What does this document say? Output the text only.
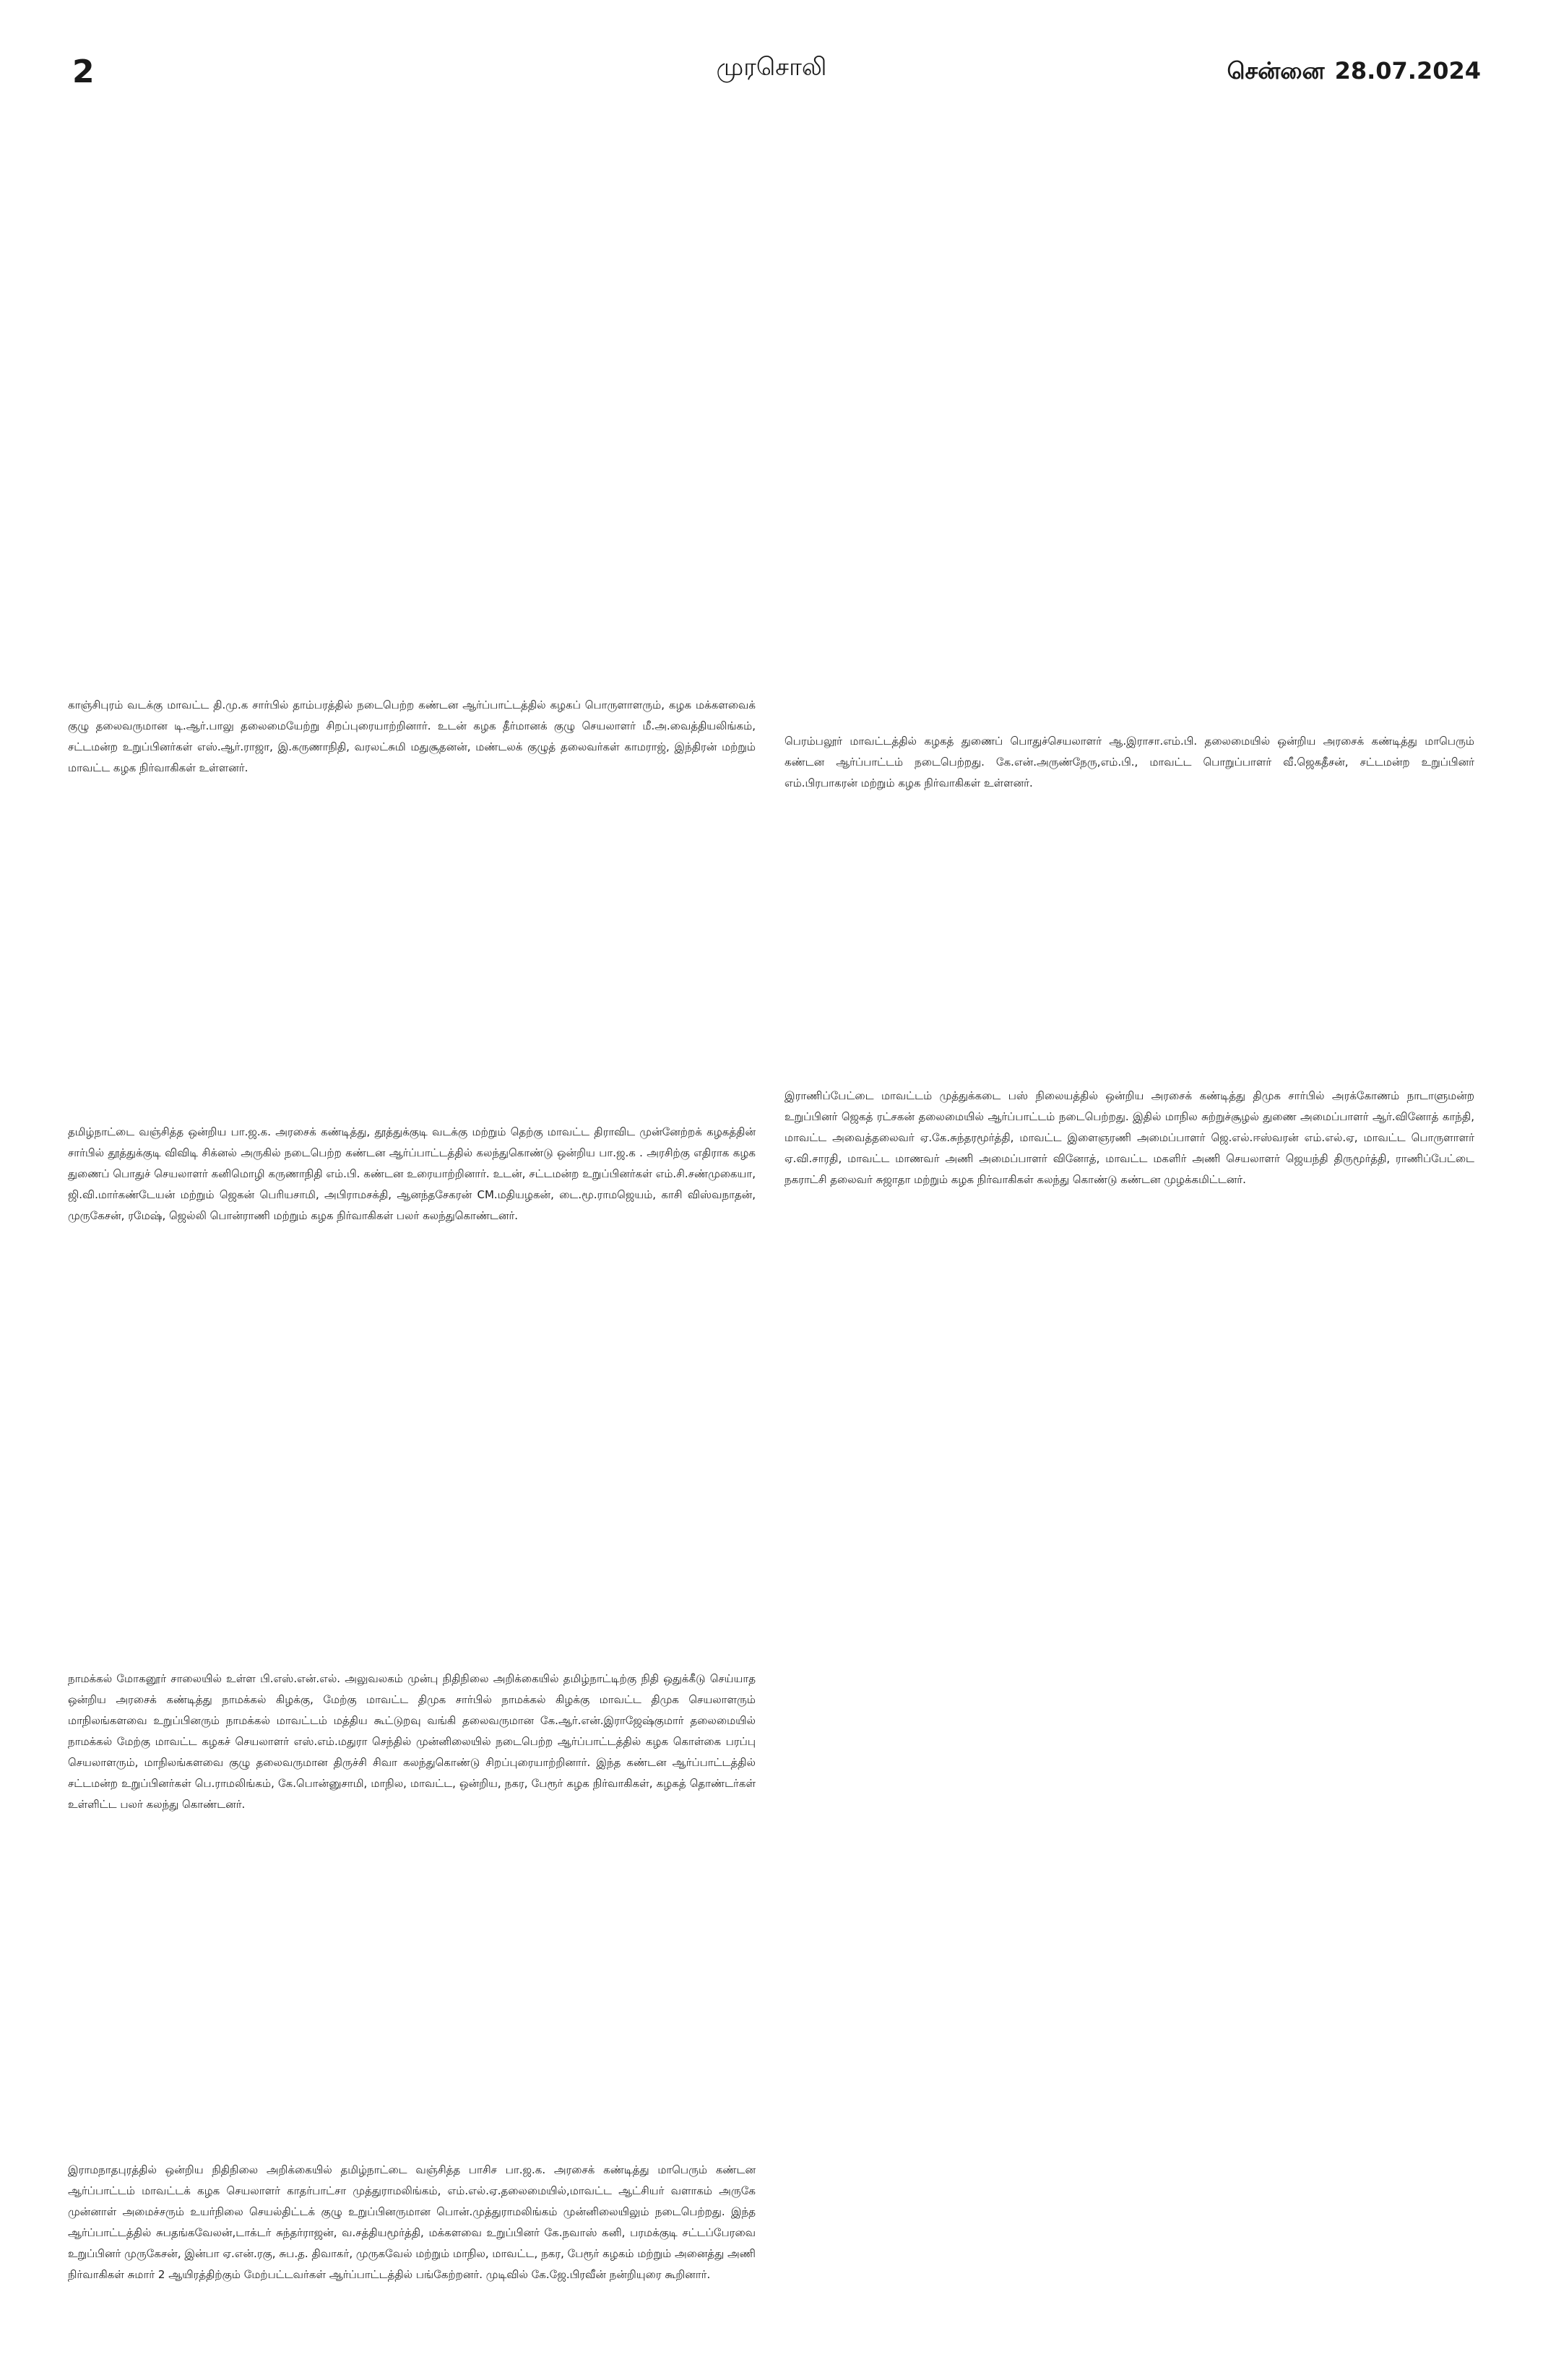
2	முரசொலி	சென்னை 28.07.2024

காஞ்சிபுரம் வடக்கு மாவட்ட தி.மு.க சார்பில் தாம்பரத்தில் நடைபெற்ற கண்டன ஆர்ப்பாட்டத்தில் கழகப் பொருளாளரும், கழக மக்களவைக் குழு தலைவருமான டி.ஆர்.பாலு தலைமையேற்று சிறப்புரையாற்றினார். உடன் கழக தீர்மானக் குழு செயலாளர் மீ.அ.வைத்தியலிங்கம், சட்டமன்ற உறுப்பினர்கள் எஸ்.ஆர்.ராஜா, இ.கருணாநிதி, வரலட்சுமி மதுசூதனன், மண்டலக் குழுத் தலைவர்கள் காமராஜ், இந்திரன் மற்றும் மாவட்ட கழக நிர்வாகிகள் உள்ளனர்.

பெரம்பலூர் மாவட்டத்தில் கழகத் துணைப் பொதுச்செயலாளர் ஆ.இராசா.எம்.பி. தலைமையில் ஒன்றிய அரசைக் கண்டித்து மாபெரும் கண்டன ஆர்ப்பாட்டம் நடைபெற்றது. கே.என்.அருண்நேரு,எம்.பி., மாவட்ட பொறுப்பாளர் வீ.ஜெகதீசன், சட்டமன்ற உறுப்பினர் எம்.பிரபாகரன் மற்றும் கழக நிர்வாகிகள் உள்ளனர்.

இராணிப்பேட்டை மாவட்டம் முத்துக்கடை பஸ் நிலையத்தில் ஒன்றிய அரசைக் கண்டித்து திமுக சார்பில் அரக்கோணம் நாடாளுமன்ற உறுப்பினர் ஜெகத் ரட்சகன் தலைமையில் ஆர்ப்பாட்டம் நடைபெற்றது. இதில் மாநில சுற்றுச்சூழல் துணை அமைப்பாளர் ஆர்.வினோத் காந்தி, மாவட்ட அவைத்தலைவர் ஏ.கே.சுந்தரமூர்த்தி, மாவட்ட இளைஞரணி அமைப்பாளர் ஜெ.எல்.ஈஸ்வரன் எம்.எல்.ஏ, மாவட்ட பொருளாளர் ஏ.வி.சாரதி, மாவட்ட மாணவர் அணி அமைப்பாளர் வினோத், மாவட்ட மகளிர் அணி செயலாளர் ஜெயந்தி திருமூர்த்தி, ராணிப்பேட்டை நகராட்சி தலைவர் சுஜாதா மற்றும் கழக நிர்வாகிகள் கலந்து கொண்டு கண்டன முழக்கமிட்டனர்.

தமிழ்நாட்டை வஞ்சித்த ஒன்றிய பா.ஜ.க. அரசைக் கண்டித்து, தூத்துக்குடி வடக்கு மற்றும் தெற்கு மாவட்ட திராவிட முன்னேற்றக் கழகத்தின் சார்பில் தூத்துக்குடி விவிடி சிக்னல் அருகில் நடைபெற்ற கண்டன ஆர்ப்பாட்டத்தில் கலந்துகொண்டு ஒன்றிய பா.ஜ.க . அரசிற்கு எதிராக கழக துணைப் பொதுச் செயலாளர் கனிமொழி கருணாநிதி எம்.பி. கண்டன உரையாற்றினார். உடன், சட்டமன்ற உறுப்பினர்கள் எம்.சி.சண்முகையா, ஜி.வி.மார்கண்டேயன் மற்றும் ஜெகன் பெரியசாமி, அபிராமசக்தி, ஆனந்தசேகரன் CM.மதியழகன், டை.மூ.ராமஜெயம், காசி விஸ்வநாதன், முருகேசன், ரமேஷ், ஜெல்லி பொன்ராணி மற்றும் கழக நிர்வாகிகள் பலர் கலந்துகொண்டனர்.

நாமக்கல் மோகனூர் சாலையில் உள்ள பி.எஸ்.என்.எல். அலுவலகம் முன்பு நிதிநிலை அறிக்கையில் தமிழ்நாட்டிற்கு நிதி ஒதுக்கீடு செய்யாத ஒன்றிய அரசைக் கண்டித்து நாமக்கல் கிழக்கு, மேற்கு மாவட்ட திமுக சார்பில் நாமக்கல் கிழக்கு மாவட்ட திமுக செயலாளரும் மாநிலங்களவை உறுப்பினரும் நாமக்கல் மாவட்டம் மத்திய கூட்டுறவு வங்கி தலைவருமான கே.ஆர்.என்.இராஜேஷ்குமார் தலைமையில் நாமக்கல் மேற்கு மாவட்ட கழகச் செயலாளர் எஸ்.எம்.மதுரா செந்தில் முன்னிலையில் நடைபெற்ற ஆர்ப்பாட்டத்தில் கழக கொள்கை பரப்பு செயலாளரும், மாநிலங்களவை குழு தலைவருமான திருச்சி சிவா கலந்துகொண்டு சிறப்புரையாற்றினார். இந்த கண்டன ஆர்ப்பாட்டத்தில் சட்டமன்ற உறுப்பினர்கள் பெ.ராமலிங்கம், கே.பொன்னுசாமி, மாநில, மாவட்ட, ஒன்றிய, நகர, பேரூர் கழக நிர்வாகிகள், கழகத் தொண்டர்கள் உள்ளிட்ட பலர் கலந்து கொண்டனர்.

இராமநாதபுரத்தில் ஒன்றிய நிதிநிலை அறிக்கையில் தமிழ்நாட்டை வஞ்சித்த பாசிச பா.ஜ.க. அரசைக் கண்டித்து மாபெரும் கண்டன ஆர்ப்பாட்டம் மாவட்டக் கழக செயலாளர் காதர்பாட்சா முத்துராமலிங்கம், எம்.எல்.ஏ.தலைமையில்,மாவட்ட ஆட்சியர் வளாகம் அருகே முன்னாள் அமைச்சரும் உயர்நிலை செயல்திட்டக் குழு உறுப்பினருமான பொன்.முத்துராமலிங்கம் முன்னிலையிலும் நடைபெற்றது. இந்த ஆர்ப்பாட்டத்தில் சுபதங்கவேலன்,டாக்டர் சுந்தர்ராஜன், வ.சத்தியமூர்த்தி, மக்களவை உறுப்பினர் கே.நவாஸ் கனி, பரமக்குடி சட்டப்பேரவை உறுப்பினர் முருகேசன், இன்பா ஏ.என்.ரகு, சுப.த. திவாகர், முருகவேல் மற்றும் மாநில, மாவட்ட, நகர, பேரூர் கழகம் மற்றும் அனைத்து அணி நிர்வாகிகள் சுமார் 2 ஆயிரத்திற்கும் மேற்பட்டவர்கள் ஆர்ப்பாட்டத்தில் பங்கேற்றனர். முடிவில் கே.ஜே.பிரவீன் நன்றியுரை கூறினார்.
